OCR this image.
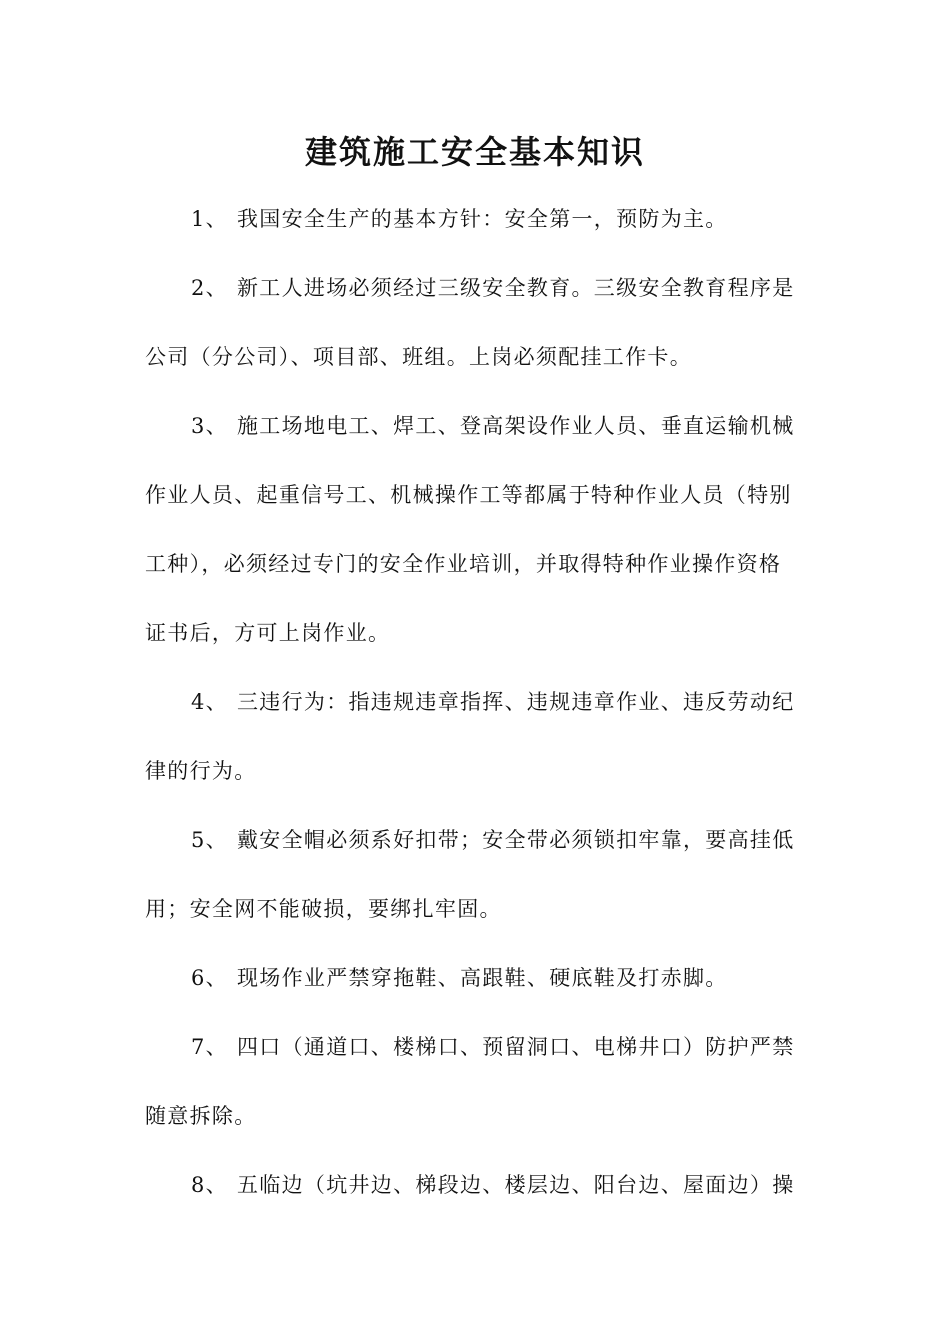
建筑施工安全基本知识
1、 我国安全生产的基本方针：安全第一，预防为主。
2、 新工人进场必须经过三级安全教育。三级安全教育程序是
公司（分公司）、项目部、班组。上岗必须配挂工作卡。
3、 施工场地电工、焊工、登高架设作业人员、垂直运输机械
作业人员、起重信号工、机械操作工等都属于特种作业人员（特别
工种），必须经过专门的安全作业培训，并取得特种作业操作资格
证书后，方可上岗作业。
4、 三违行为：指违规违章指挥、违规违章作业、违反劳动纪
律的行为。
5、 戴安全帽必须系好扣带；安全带必须锁扣牢靠，要高挂低
用；安全网不能破损，要绑扎牢固。
6、 现场作业严禁穿拖鞋、高跟鞋、硬底鞋及打赤脚。
7、 四口（通道口、楼梯口、预留洞口、电梯井口）防护严禁
随意拆除。
8、 五临边（坑井边、梯段边、楼层边、阳台边、屋面边）操
